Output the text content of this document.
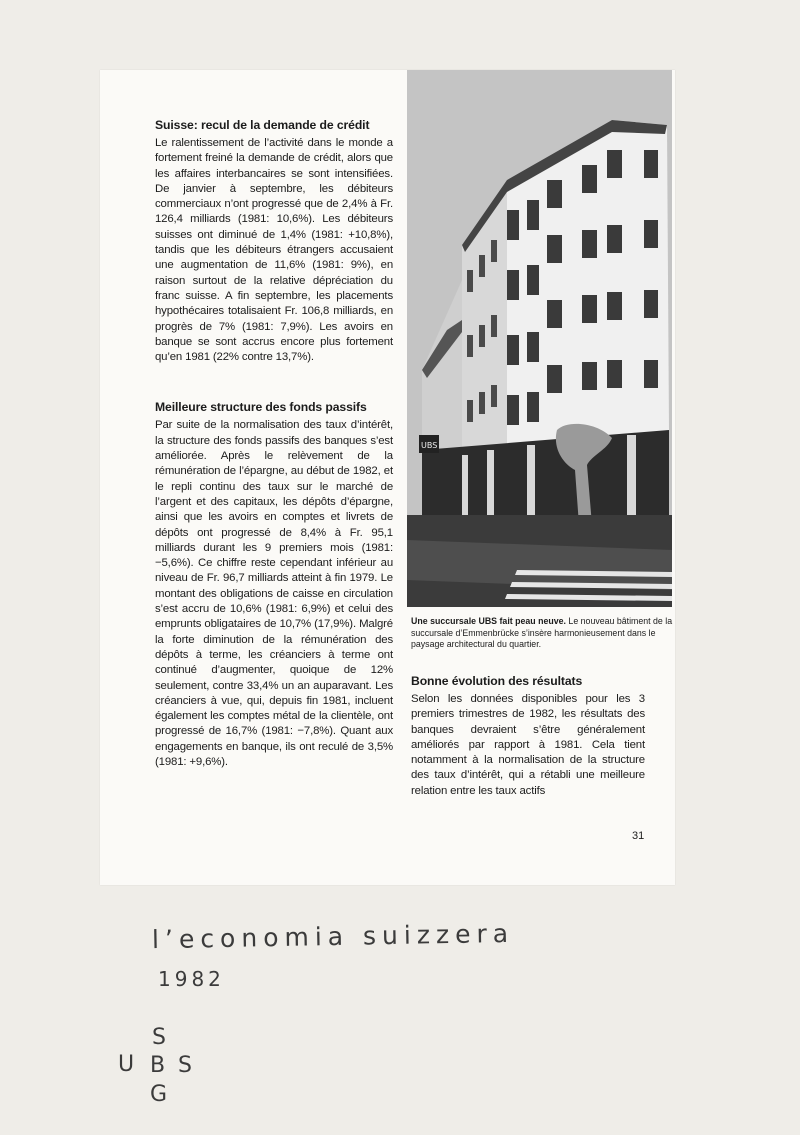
Suisse: recul de la demande de crédit

Le ralentissement de l’activité dans le monde a fortement freiné la demande de crédit, alors que les affaires interbancaires se sont intensifiées. De janvier à septembre, les débiteurs commerciaux n’ont progressé que de 2,4% à Fr. 126,4 milliards (1981: 10,6%). Les débiteurs suisses ont diminué de 1,4% (1981: +10,8%), tandis que les débiteurs étrangers accusaient une augmentation de 11,6% (1981: 9%), en raison surtout de la relative dépréciation du franc suisse. A fin septembre, les placements hypothécaires totalisaient Fr. 106,8 milliards, en progrès de 7% (1981: 7,9%). Les avoirs en banque se sont accrus encore plus fortement qu’en 1981 (22% contre 13,7%).

Meilleure structure des fonds passifs

Par suite de la normalisation des taux d’intérêt, la structure des fonds passifs des banques s’est améliorée. Après le relèvement de la rémunération de l’épargne, au début de 1982, et le repli continu des taux sur le marché de l’argent et des capitaux, les dépôts d’épargne, ainsi que les avoirs en comptes et livrets de dépôts ont progressé de 8,4% à Fr. 95,1 milliards durant les 9 premiers mois (1981: −5,6%). Ce chiffre reste cependant inférieur au niveau de Fr. 96,7 milliards atteint à fin 1979. Le montant des obligations de caisse en circulation s’est accru de 10,6% (1981: 6,9%) et celui des emprunts obligataires de 10,7% (17,9%). Malgré la forte diminution de la rémunération des dépôts à terme, les créanciers à terme ont continué d’augmenter, quoique de 12% seulement, contre 33,4% un an auparavant. Les créanciers à vue, qui, depuis fin 1981, incluent également les comptes métal de la clientèle, ont progressé de 16,7% (1981: −7,8%). Quant aux engagements en banque, ils ont reculé de 3,5% (1981: +9,6%).

UBS

Une succursale UBS fait peau neuve. Le nouveau bâtiment de la succursale d’Emmenbrücke s’insère harmonieusement dans le paysage architectural du quartier.

Bonne évolution des résultats

Selon les données disponibles pour les 3 premiers trimestres de 1982, les résultats des banques devraient s’être généralement améliorés par rapport à 1981. Cela tient notamment à la normalisation de la structure des taux d’intérêt, qui a rétabli une meilleure relation entre les taux actifs

31
l’economia suizzera
1982
S
U B S
G
